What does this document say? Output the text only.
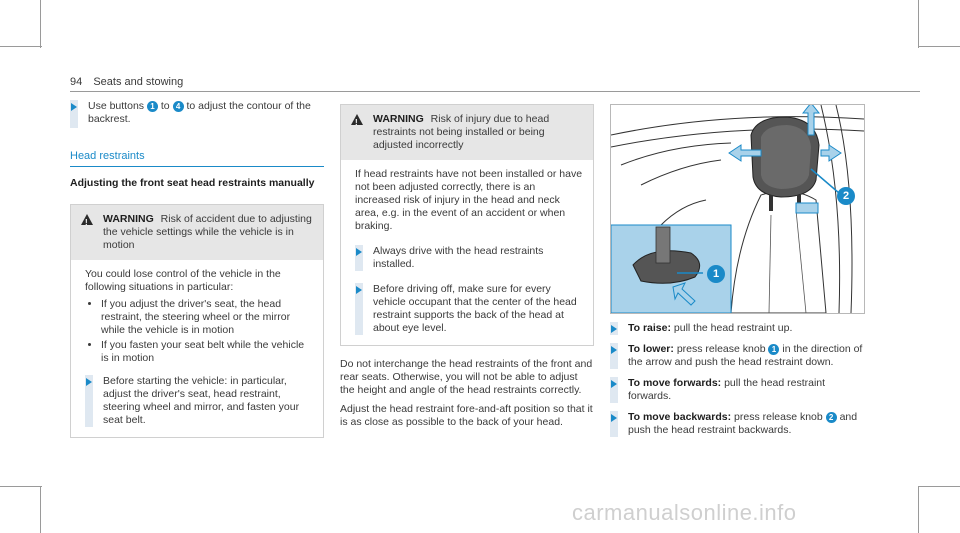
94 Seats and stowing
Use buttons 1 to 4 to adjust the contour of the backrest.
Head restraints
Adjusting the front seat head restraints manually
!
WARNING Risk of accident due to adjusting the vehicle settings while the vehicle is in motion
You could lose control of the vehicle in the following situations in particular:
• If you adjust the driver's seat, the head restraint, the steering wheel or the mirror while the vehicle is in motion
• If you fasten your seat belt while the vehicle is in motion
Before starting the vehicle: in particular, adjust the driver's seat, head restraint, steering wheel and mirror, and fasten your seat belt.
!
WARNING Risk of injury due to head restraints not being installed or being adjusted incorrectly
If head restraints have not been installed or have not been adjusted correctly, there is an increased risk of injury in the head and neck area, e.g. in the event of an accident or when braking.
Always drive with the head restraints installed.
Before driving off, make sure for every vehicle occupant that the center of the head restraint supports the back of the head at about eye level.
Do not interchange the head restraints of the front and rear seats. Otherwise, you will not be able to adjust the height and angle of the head restraints correctly.
Adjust the head restraint fore-and-aft position so that it is as close as possible to the back of your head.
2
1
To raise: pull the head restraint up.
To lower: press release knob 1 in the direction of the arrow and push the head restraint down.
To move forwards: pull the head restraint forwards.
To move backwards: press release knob 2 and push the head restraint backwards.
carmanualsonline.info
